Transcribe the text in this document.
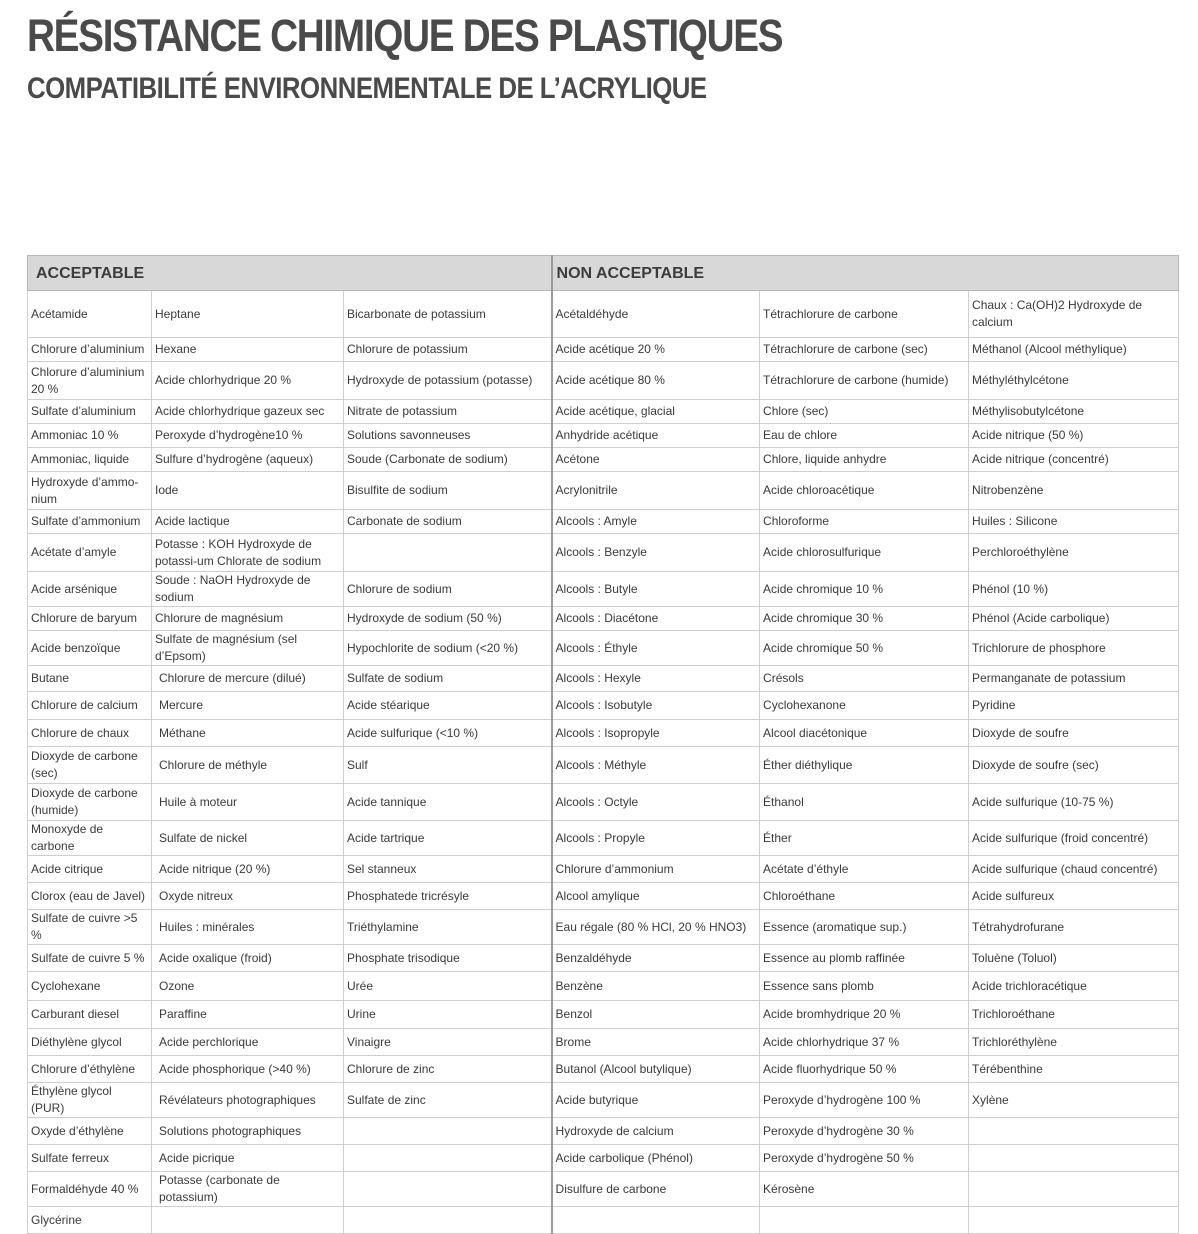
RÉSISTANCE CHIMIQUE DES PLASTIQUES
COMPATIBILITÉ ENVIRONNEMENTALE DE L’ACRYLIQUE
ACCEPTABLE			NON ACCEPTABLE		
Acétamide	Heptane	Bicarbonate de potassium	Acétaldéhyde	Tétrachlorure de carbone	Chaux : Ca(OH)2 Hydroxyde de calcium
Chlorure d’aluminium	Hexane	Chlorure de potassium	Acide acétique 20 %	Tétrachlorure de carbone (sec)	Méthanol (Alcool méthylique)
Chlorure d’aluminium 20 %	Acide chlorhydrique 20 %	Hydroxyde de potassium (potasse)	Acide acétique 80 %	Tétrachlorure de carbone (humide)	Méthyléthylcétone
Sulfate d’aluminium	Acide chlorhydrique gazeux sec	Nitrate de potassium	Acide acétique, glacial	Chlore (sec)	Méthylisobutylcétone
Ammoniac 10 %	Peroxyde d’hydrogène10 %	Solutions savonneuses	Anhydride acétique	Eau de chlore	Acide nitrique (50 %)
Ammoniac, liquide	Sulfure d’hydrogène (aqueux)	Soude (Carbonate de sodium)	Acétone	Chlore, liquide anhydre	Acide nitrique (concentré)
Hydroxyde d’ammo-nium	Iode	Bisulfite de sodium	Acrylonitrile	Acide chloroacétique	Nitrobenzène
Sulfate d’ammonium	Acide lactique	Carbonate de sodium	Alcools : Amyle	Chloroforme	Huiles : Silicone
Acétate d’amyle	Potasse : KOH Hydroxyde de potassi-um Chlorate de sodium		Alcools : Benzyle	Acide chlorosulfurique	Perchloroéthylène
Acide arsénique	Soude : NaOH Hydroxyde de sodium	Chlorure de sodium	Alcools : Butyle	Acide chromique 10 %	Phénol (10 %)
Chlorure de baryum	Chlorure de magnésium	Hydroxyde de sodium (50 %)	Alcools : Diacétone	Acide chromique 30 %	Phénol (Acide carbolique)
Acide benzoïque	Sulfate de magnésium (sel d’Epsom)	Hypochlorite de sodium (<20 %)	Alcools : Éthyle	Acide chromique 50 %	Trichlorure de phosphore
Butane	Chlorure de mercure (dilué)	Sulfate de sodium	Alcools : Hexyle	Crésols	Permanganate de potassium
Chlorure de calcium	Mercure	Acide stéarique	Alcools : Isobutyle	Cyclohexanone	Pyridine
Chlorure de chaux	Méthane	Acide sulfurique (<10 %)	Alcools : Isopropyle	Alcool diacétonique	Dioxyde de soufre
Dioxyde de carbone (sec)	Chlorure de méthyle	Sulf	Alcools : Méthyle	Éther diéthylique	Dioxyde de soufre (sec)
Dioxyde de carbone (humide)	Huile à moteur	Acide tannique	Alcools : Octyle	Éthanol	Acide sulfurique (10-75 %)
Monoxyde de carbone	Sulfate de nickel	Acide tartrique	Alcools : Propyle	Éther	Acide sulfurique (froid concentré)
Acide citrique	Acide nitrique (20 %)	Sel stanneux	Chlorure d’ammonium	Acétate d’éthyle	Acide sulfurique (chaud concentré)
Clorox (eau de Javel)	Oxyde nitreux	Phosphatede tricrésyle	Alcool amylique	Chloroéthane	Acide sulfureux
Sulfate de cuivre >5 %	Huiles : minérales	Triéthylamine	Eau régale (80 % HCl, 20 % HNO3)	Essence (aromatique sup.)	Tétrahydrofurane
Sulfate de cuivre 5 %	Acide oxalique (froid)	Phosphate trisodique	Benzaldéhyde	Essence au plomb raffinée	Toluène (Toluol)
Cyclohexane	Ozone	Urée	Benzène	Essence sans plomb	Acide trichloracétique
Carburant diesel	Paraffine	Urine	Benzol	Acide bromhydrique 20 %	Trichloroéthane
Diéthylène glycol	Acide perchlorique	Vinaigre	Brome	Acide chlorhydrique 37 %	Trichloréthylène
Chlorure d’éthylène	Acide phosphorique (>40 %)	Chlorure de zinc	Butanol (Alcool butylique)	Acide fluorhydrique 50 %	Térébenthine
Éthylène glycol (PUR)	Révélateurs photographiques	Sulfate de zinc	Acide butyrique	Peroxyde d’hydrogène 100 %	Xylène
Oxyde d’éthylène	Solutions photographiques		Hydroxyde de calcium	Peroxyde d’hydrogène 30 %	
Sulfate ferreux	Acide picrique		Acide carbolique (Phénol)	Peroxyde d’hydrogène 50 %	
Formaldéhyde 40 %	Potasse (carbonate de potassium)		Disulfure de carbone	Kérosène	
Glycérine					
